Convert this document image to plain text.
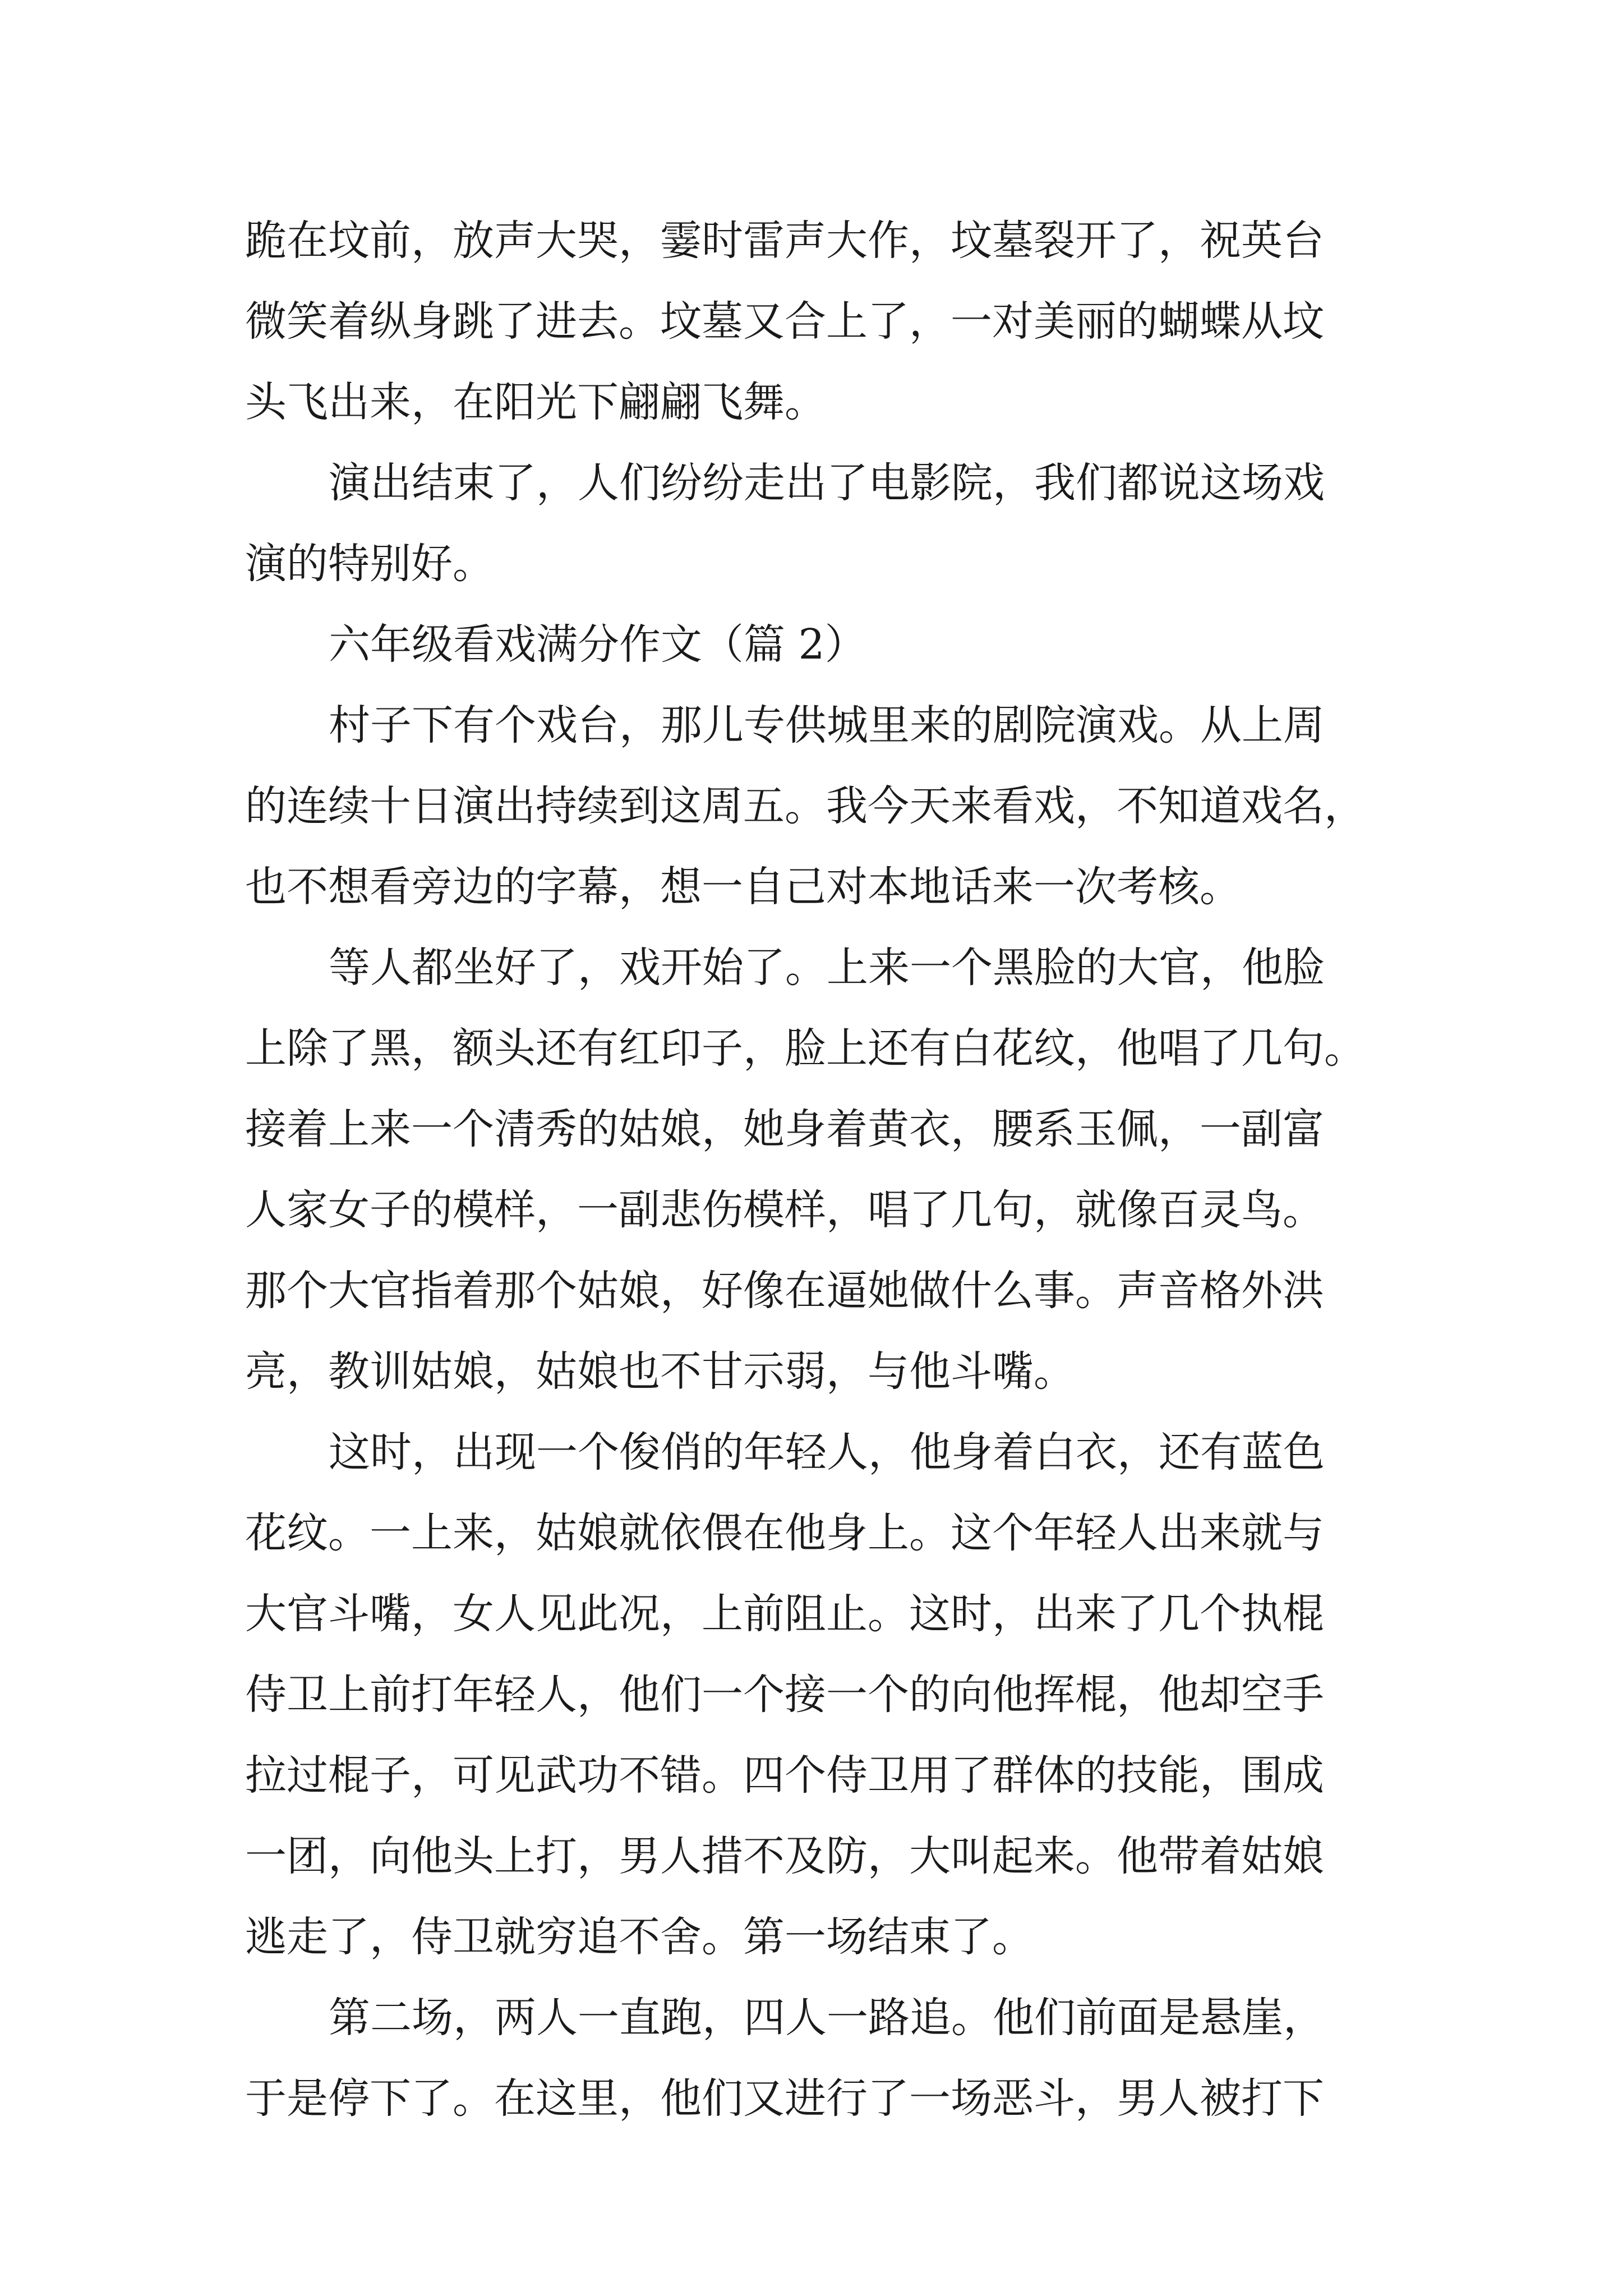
跪在坟前，放声大哭，霎时雷声大作，坟墓裂开了，祝英台

微笑着纵身跳了进去。坟墓又合上了，一对美丽的蝴蝶从坟

头飞出来，在阳光下翩翩飞舞。

演出结束了，人们纷纷走出了电影院，我们都说这场戏

演的特别好。

六年级看戏满分作文（篇 2）

村子下有个戏台，那儿专供城里来的剧院演戏。从上周

的连续十日演出持续到这周五。我今天来看戏，不知道戏名，

也不想看旁边的字幕，想一自己对本地话来一次考核。

等人都坐好了，戏开始了。上来一个黑脸的大官，他脸

上除了黑，额头还有红印子，脸上还有白花纹，他唱了几句。

接着上来一个清秀的姑娘，她身着黄衣，腰系玉佩，一副富

人家女子的模样，一副悲伤模样，唱了几句，就像百灵鸟。

那个大官指着那个姑娘，好像在逼她做什么事。声音格外洪

亮，教训姑娘，姑娘也不甘示弱，与他斗嘴。

这时，出现一个俊俏的年轻人，他身着白衣，还有蓝色

花纹。一上来，姑娘就依偎在他身上。这个年轻人出来就与

大官斗嘴，女人见此况，上前阻止。这时，出来了几个执棍

侍卫上前打年轻人，他们一个接一个的向他挥棍，他却空手

拉过棍子，可见武功不错。四个侍卫用了群体的技能，围成

一团，向他头上打，男人措不及防，大叫起来。他带着姑娘

逃走了，侍卫就穷追不舍。第一场结束了。

第二场，两人一直跑，四人一路追。他们前面是悬崖，

于是停下了。在这里，他们又进行了一场恶斗，男人被打下
